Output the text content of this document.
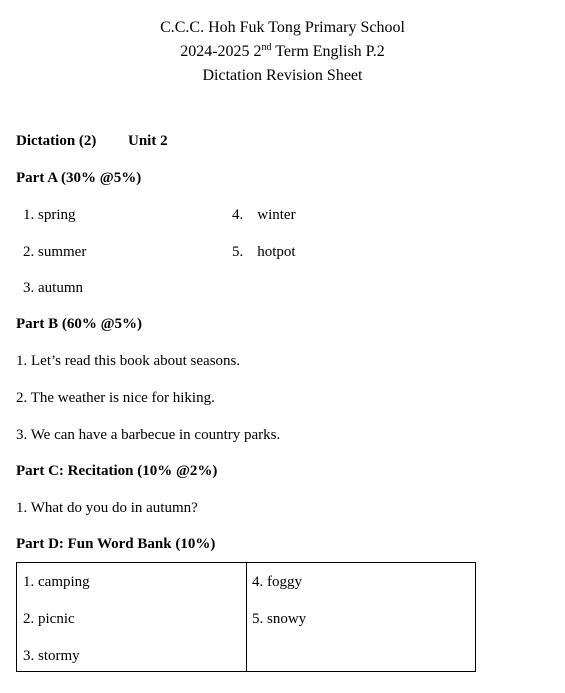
C.C.C. Hoh Fuk Tong Primary School
2024-2025 2nd Term English P.2
Dictation Revision Sheet
Dictation (2) Unit 2
Part A (30% @5%)
1. spring
2. summer
3. autumn
4. winter
5. hotpot
Part B (60% @5%)
1. Let’s read this book about seasons.
2. The weather is nice for hiking.
3. We can have a barbecue in country parks.
Part C: Recitation (10% @2%)
1. What do you do in autumn?
Part D: Fun Word Bank (10%)
1. camping
2. picnic
3. stormy
4. foggy
5. snowy
